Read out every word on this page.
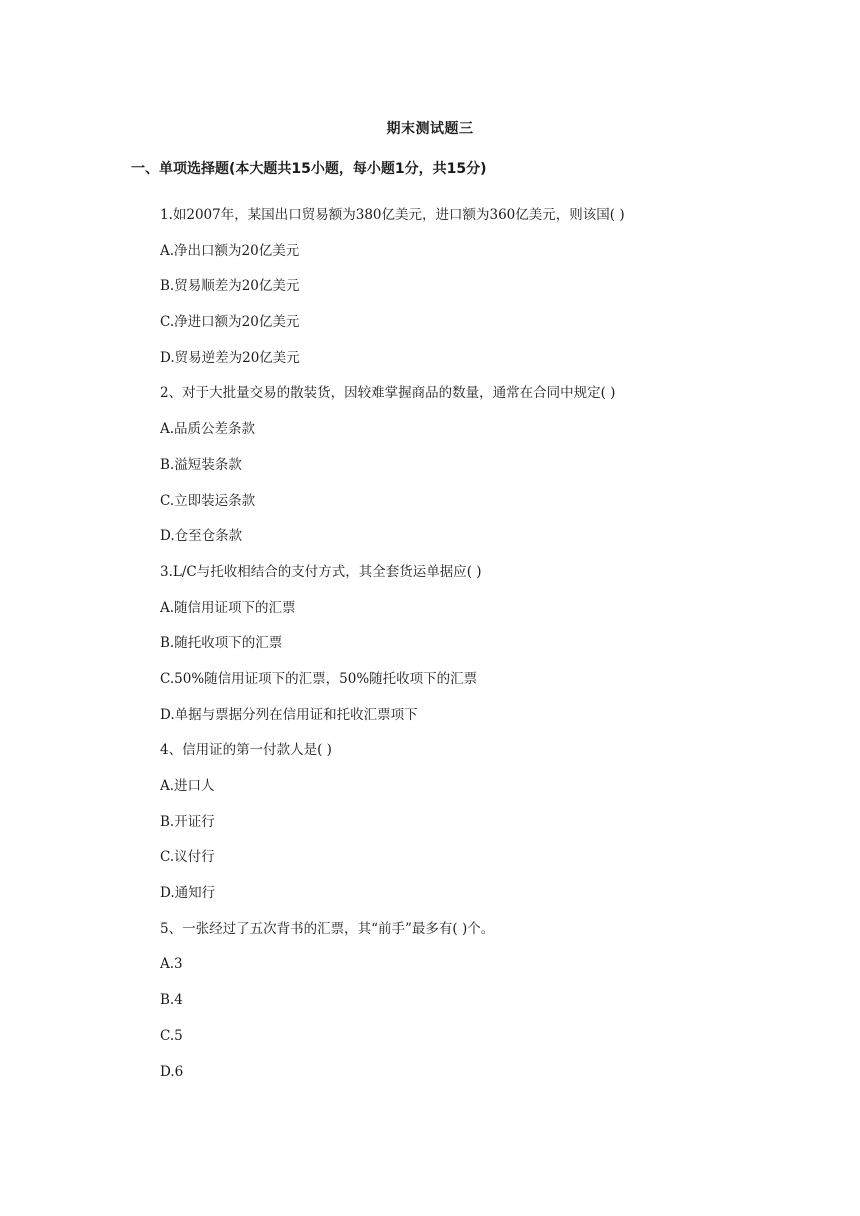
期末测试题三
一、单项选择题(本大题共15小题，每小题1分，共15分)
1.如2007年，某国出口贸易额为380亿美元，进口额为360亿美元，则该国( )
A.净出口额为20亿美元
B.贸易顺差为20亿美元
C.净进口额为20亿美元
D.贸易逆差为20亿美元
2、对于大批量交易的散装货，因较难掌握商品的数量，通常在合同中规定( )
A.品质公差条款
B.溢短装条款
C.立即装运条款
D.仓至仓条款
3.L/C与托收相结合的支付方式，其全套货运单据应( )
A.随信用证项下的汇票
B.随托收项下的汇票
C.50%随信用证项下的汇票，50%随托收项下的汇票
D.单据与票据分列在信用证和托收汇票项下
4、信用证的第一付款人是( )
A.进口人
B.开证行
C.议付行
D.通知行
5、一张经过了五次背书的汇票，其“前手”最多有( )个。
A.3
B.4
C.5
D.6
